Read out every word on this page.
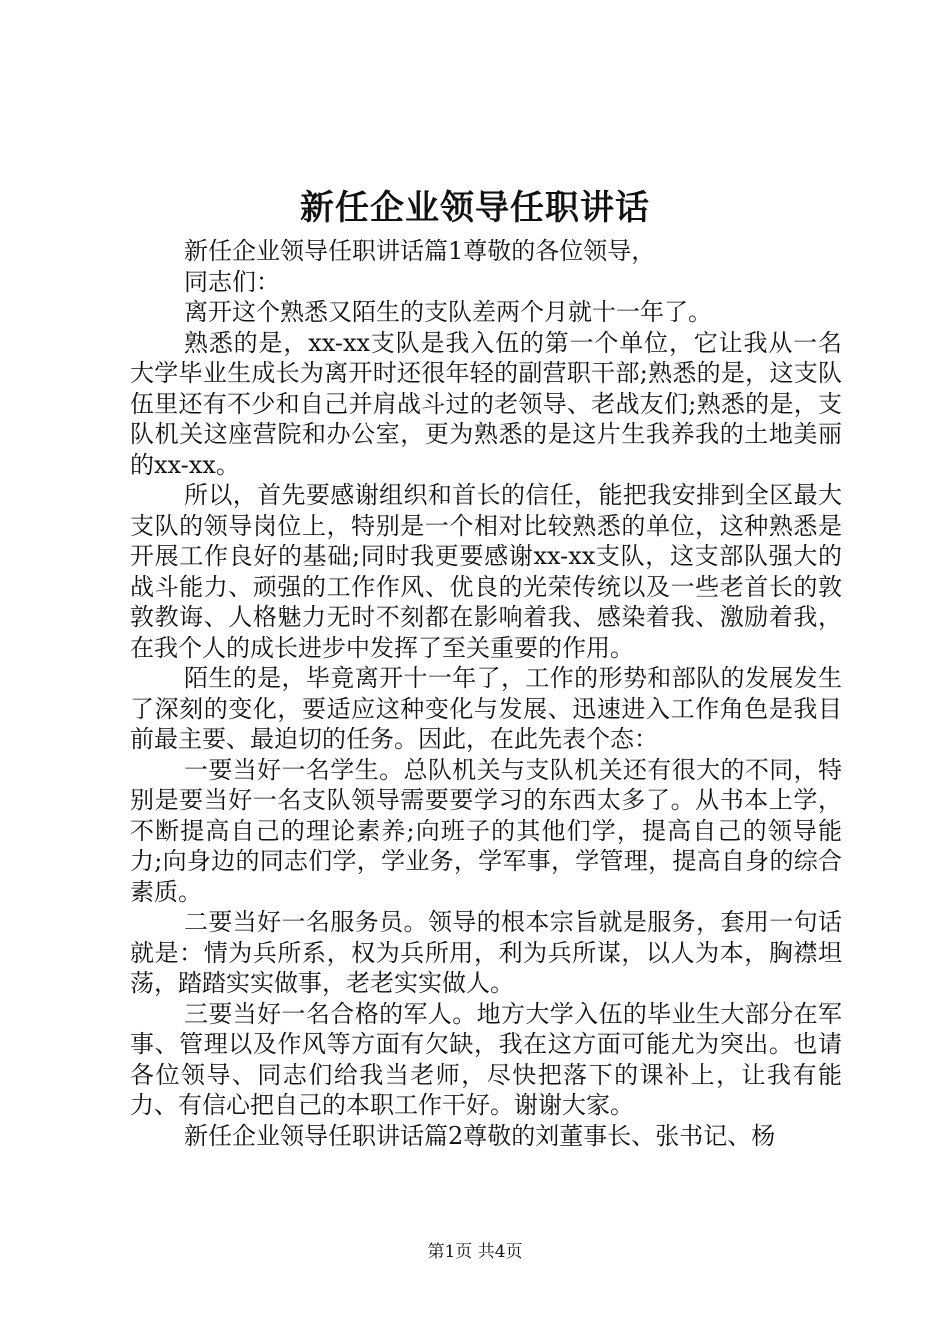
新任企业领导任职讲话

新任企业领导任职讲话篇1尊敬的各位领导，

同志们：

离开这个熟悉又陌生的支队差两个月就十一年了。

熟悉的是，xx-xx支队是我入伍的第一个单位，它让我从一名大学毕业生成长为离开时还很年轻的副营职干部;熟悉的是，这支队伍里还有不少和自己并肩战斗过的老领导、老战友们;熟悉的是，支队机关这座营院和办公室，更为熟悉的是这片生我养我的土地美丽的xx-xx。

所以，首先要感谢组织和首长的信任，能把我安排到全区最大支队的领导岗位上，特别是一个相对比较熟悉的单位，这种熟悉是开展工作良好的基础;同时我更要感谢xx-xx支队，这支部队强大的战斗能力、顽强的工作作风、优良的光荣传统以及一些老首长的敦敦教诲、人格魅力无时不刻都在影响着我、感染着我、激励着我，在我个人的成长进步中发挥了至关重要的作用。

陌生的是，毕竟离开十一年了，工作的形势和部队的发展发生了深刻的变化，要适应这种变化与发展、迅速进入工作角色是我目前最主要、最迫切的任务。因此，在此先表个态：

一要当好一名学生。总队机关与支队机关还有很大的不同，特别是要当好一名支队领导需要要学习的东西太多了。从书本上学，不断提高自己的理论素养;向班子的其他们学，提高自己的领导能力;向身边的同志们学，学业务，学军事，学管理，提高自身的综合素质。

二要当好一名服务员。领导的根本宗旨就是服务，套用一句话就是：情为兵所系，权为兵所用，利为兵所谋，以人为本，胸襟坦荡，踏踏实实做事，老老实实做人。

三要当好一名合格的军人。地方大学入伍的毕业生大部分在军事、管理以及作风等方面有欠缺，我在这方面可能尤为突出。也请各位领导、同志们给我当老师，尽快把落下的课补上，让我有能力、有信心把自己的本职工作干好。谢谢大家。

新任企业领导任职讲话篇2尊敬的刘董事长、张书记、杨

第1页 共4页
